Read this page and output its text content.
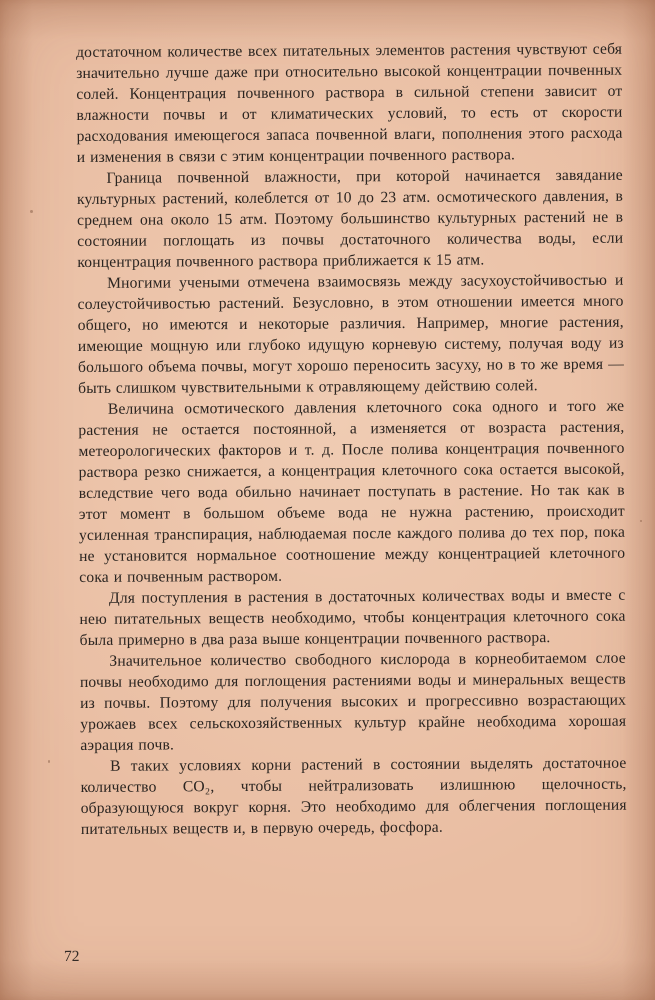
достаточном количестве всех питательных элементов растения чувствуют себя значительно лучше даже при относительно высокой концентрации почвенных солей. Концентрация почвенного раствора в сильной степени зависит от влажности почвы и от климатических условий, то есть от скорости расходования имеющегося запаса почвенной влаги, пополнения этого расхода и изменения в связи с этим концентрации почвенного раствора.

Граница почвенной влажности, при которой начинается завядание культурных растений, колеблется от 10 до 23 атм. осмотического давления, в среднем она около 15 атм. Поэтому большинство культурных растений не в состоянии поглощать из почвы достаточного количества воды, если концентрация почвенного раствора приближается к 15 атм.

Многими учеными отмечена взаимосвязь между засухоустойчивостью и солеустойчивостью растений. Безусловно, в этом отношении имеется много общего, но имеются и некоторые различия. Например, многие растения, имеющие мощную или глубоко идущую корневую систему, получая воду из большого объема почвы, могут хорошо переносить засуху, но в то же время — быть слишком чувствительными к отравляющему действию солей.

Величина осмотического давления клеточного сока одного и того же растения не остается постоянной, а изменяется от возраста растения, метеорологических факторов и т. д. После полива концентрация почвенного раствора резко снижается, а концентрация клеточного сока остается высокой, вследствие чего вода обильно начинает поступать в растение. Но так как в этот момент в большом объеме вода не нужна растению, происходит усиленная транспирация, наблюдаемая после каждого полива до тех пор, пока не установится нормальное соотношение между концентрацией клеточного сока и почвенным раствором.

Для поступления в растения в достаточных количествах воды и вместе с нею питательных веществ необходимо, чтобы концентрация клеточного сока была примерно в два раза выше концентрации почвенного раствора.

Значительное количество свободного кислорода в корнеобитаемом слое почвы необходимо для поглощения растениями воды и минеральных веществ из почвы. Поэтому для получения высоких и прогрессивно возрастающих урожаев всех сельскохозяйственных культур крайне необходима хорошая аэрация почв.

В таких условиях корни растений в состоянии выделять достаточное количество CO₂, чтобы нейтрализовать излишнюю щелочность, образующуюся вокруг корня. Это необходимо для облегчения поглощения питательных веществ и, в первую очередь, фосфора.

72
